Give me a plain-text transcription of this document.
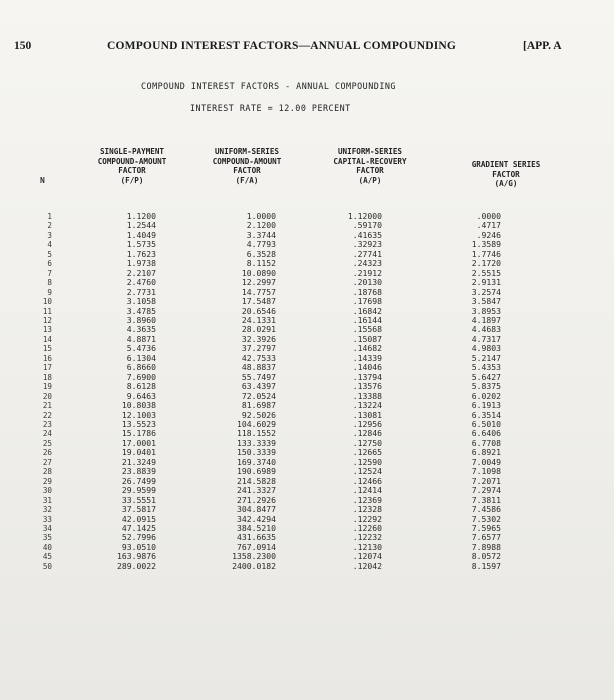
150	COMPOUND INTEREST FACTORS—ANNUAL COMPOUNDING	[APP. A
COMPOUND INTEREST FACTORS - ANNUAL COMPOUNDING
INTEREST RATE = 12.00 PERCENT
SINGLE-PAYMENT
COMPOUND-AMOUNT
FACTOR
(F/P)
UNIFORM-SERIES
COMPOUND-AMOUNT
FACTOR
(F/A)
UNIFORM-SERIES
CAPITAL-RECOVERY
FACTOR
(A/P)
GRADIENT SERIES
FACTOR
(A/G)
N
1
2
3
4
5
6
7
8
9
10
11
12
13
14
15
16
17
18
19
20
21
22
23
24
25
26
27
28
29
30
31
32
33
34
35
40
45
50
1.1200
1.2544
1.4049
1.5735
1.7623
1.9738
2.2107
2.4760
2.7731
3.1058
3.4785
3.8960
4.3635
4.8871
5.4736
6.1304
6.8660
7.6900
8.6128
9.6463
10.8038
12.1003
13.5523
15.1786
17.0001
19.0401
21.3249
23.8839
26.7499
29.9599
33.5551
37.5817
42.0915
47.1425
52.7996
93.0510
163.9876
289.0022
1.0000
2.1200
3.3744
4.7793
6.3528
8.1152
10.0890
12.2997
14.7757
17.5487
20.6546
24.1331
28.0291
32.3926
37.2797
42.7533
48.8837
55.7497
63.4397
72.0524
81.6987
92.5026
104.6029
118.1552
133.3339
150.3339
169.3740
190.6989
214.5828
241.3327
271.2926
304.8477
342.4294
384.5210
431.6635
767.0914
1358.2300
2400.0182
1.12000
.59170
.41635
.32923
.27741
.24323
.21912
.20130
.18768
.17698
.16842
.16144
.15568
.15087
.14682
.14339
.14046
.13794
.13576
.13388
.13224
.13081
.12956
.12846
.12750
.12665
.12590
.12524
.12466
.12414
.12369
.12328
.12292
.12260
.12232
.12130
.12074
.12042
.0000
.4717
.9246
1.3589
1.7746
2.1720
2.5515
2.9131
3.2574
3.5847
3.8953
4.1897
4.4683
4.7317
4.9803
5.2147
5.4353
5.6427
5.8375
6.0202
6.1913
6.3514
6.5010
6.6406
6.7708
6.8921
7.0049
7.1098
7.2071
7.2974
7.3811
7.4586
7.5302
7.5965
7.6577
7.8988
8.0572
8.1597
